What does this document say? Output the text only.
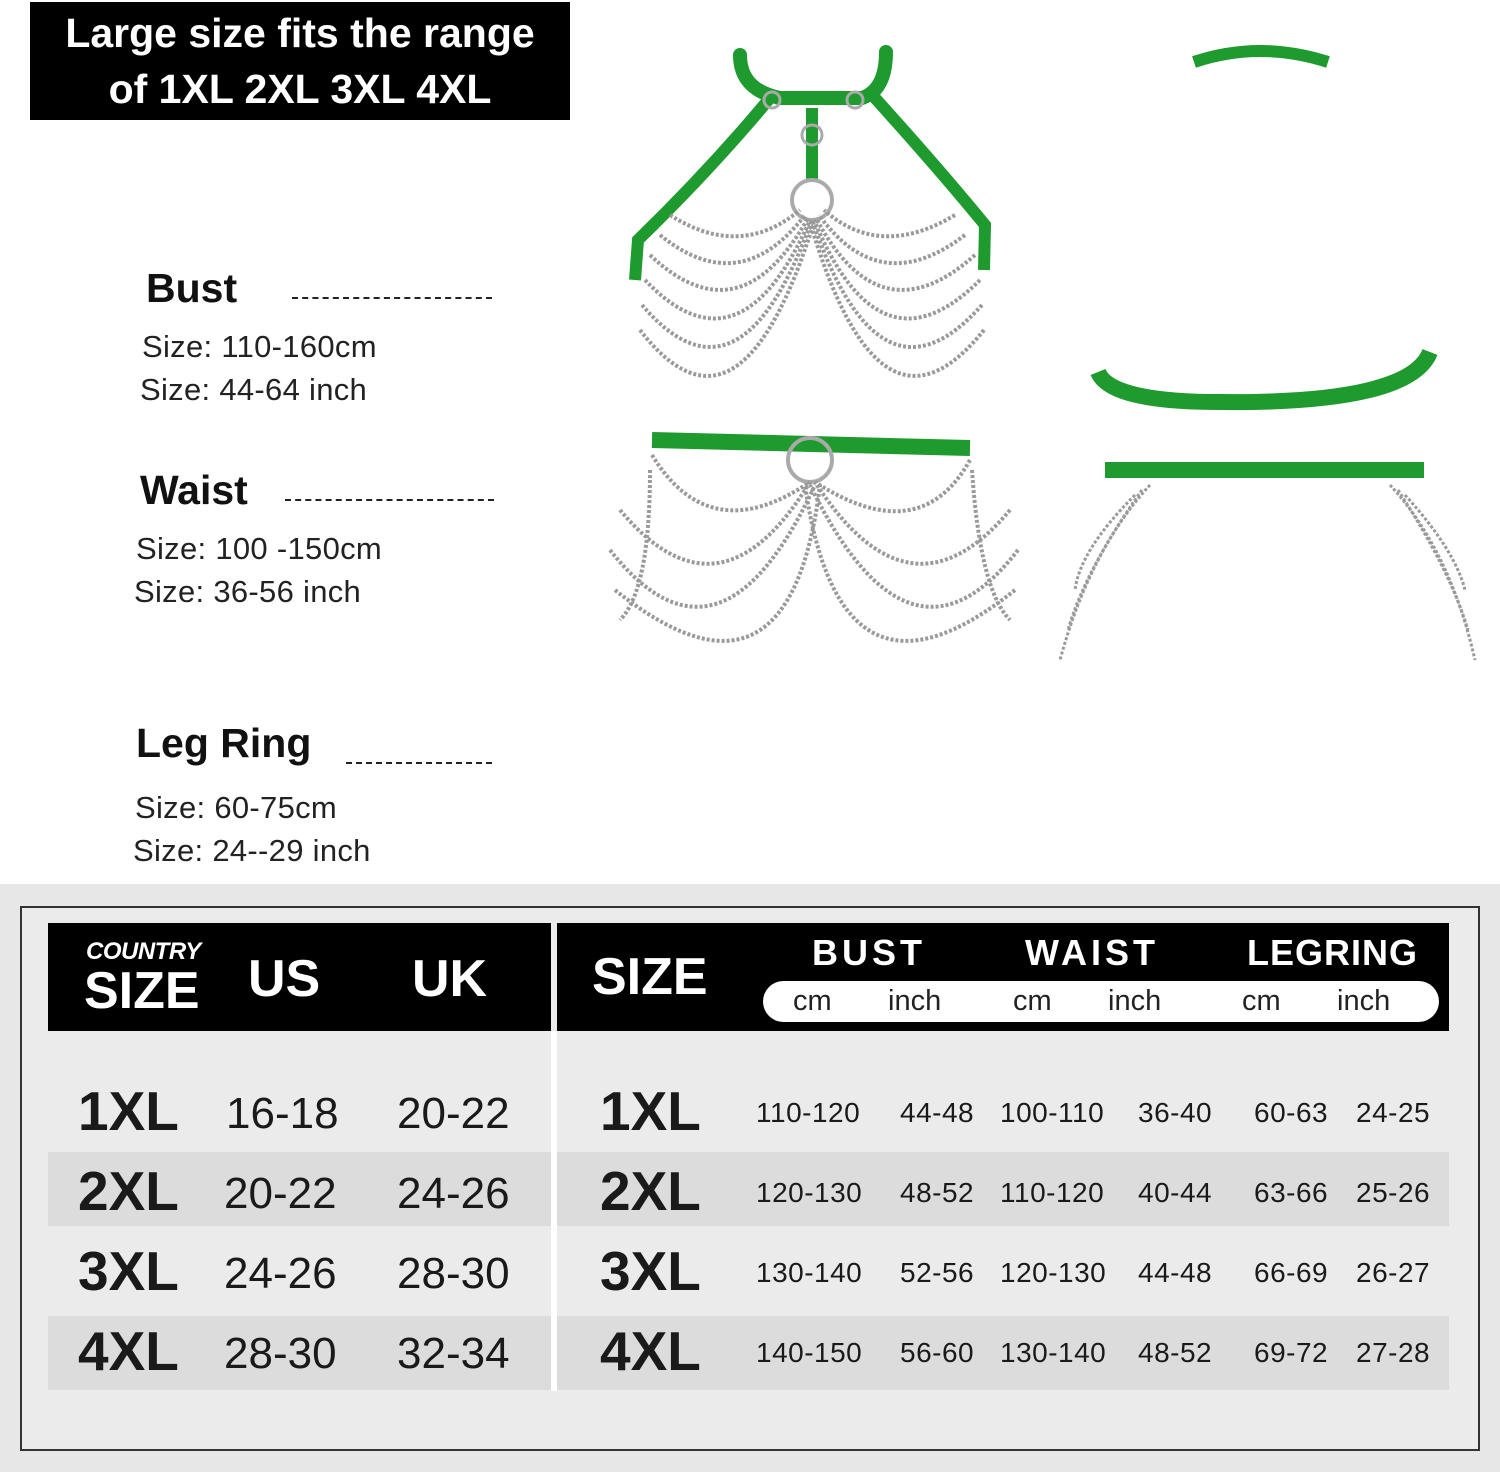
Large size fits the range
of 1XL 2XL 3XL 4XL
Bust
Size: 110-160cm
Size: 44-64 inch
Waist
Size: 100 -150cm
Size: 36-56 inch
Leg Ring
Size: 60-75cm
Size: 24--29 inch
COUNTRY
SIZE US UK SIZE	BUST	WAIST LEGRING
cm inch cm inch	cm inch
1XL 16-18 20-22 1XL 110-120 44-48 100-110 36-40 60-63 24-25
2XL 20-22 24-26 2XL 120-130 48-52 110-120 40-44 63-66 25-26
3XL 24-26 28-30 3XL 130-140 52-56 120-130 44-48 66-69 26-27
4XL 28-30 32-34 4XL 140-150 56-60 130-140 48-52 69-72 27-28
